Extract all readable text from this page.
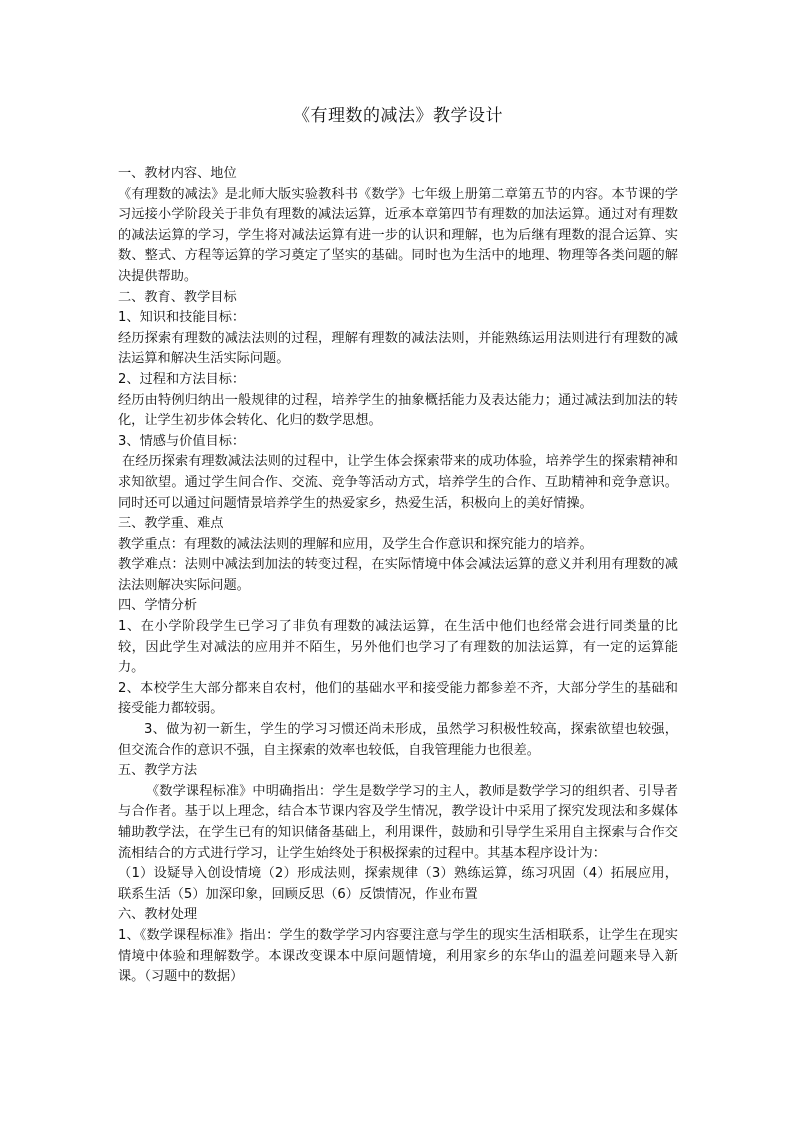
《有理数的减法》教学设计

一、教材内容、地位

《有理数的减法》是北师大版实验教科书《数学》七年级上册第二章第五节的内容。本节课的学习远接小学阶段关于非负有理数的减法运算，近承本章第四节有理数的加法运算。通过对有理数的减法运算的学习，学生将对减法运算有进一步的认识和理解，也为后继有理数的混合运算、实数、整式、方程等运算的学习奠定了坚实的基础。同时也为生活中的地理、物理等各类问题的解决提供帮助。

二、教育、教学目标

1、知识和技能目标：

经历探索有理数的减法法则的过程，理解有理数的减法法则，并能熟练运用法则进行有理数的减法运算和解决生活实际问题。

2、过程和方法目标：

经历由特例归纳出一般规律的过程，培养学生的抽象概括能力及表达能力；通过减法到加法的转化，让学生初步体会转化、化归的数学思想。

3、情感与价值目标：

在经历探索有理数减法法则的过程中，让学生体会探索带来的成功体验，培养学生的探索精神和求知欲望。通过学生间合作、交流、竞争等活动方式，培养学生的合作、互助精神和竞争意识。同时还可以通过问题情景培养学生的热爱家乡，热爱生活，积极向上的美好情操。

三、教学重、难点

教学重点：有理数的减法法则的理解和应用，及学生合作意识和探究能力的培养。

教学难点：法则中减法到加法的转变过程，在实际情境中体会减法运算的意义并利用有理数的减法法则解决实际问题。

四、学情分析

1、在小学阶段学生已学习了非负有理数的减法运算，在生活中他们也经常会进行同类量的比较，因此学生对减法的应用并不陌生，另外他们也学习了有理数的加法运算，有一定的运算能力。

2、本校学生大部分都来自农村，他们的基础水平和接受能力都参差不齐，大部分学生的基础和接受能力都较弱。

3、做为初一新生，学生的学习习惯还尚未形成，虽然学习积极性较高，探索欲望也较强，但交流合作的意识不强，自主探索的效率也较低，自我管理能力也很差。

五、教学方法

《数学课程标准》中明确指出：学生是数学学习的主人，教师是数学学习的组织者、引导者与合作者。基于以上理念，结合本节课内容及学生情况，教学设计中采用了探究发现法和多媒体辅助教学法，在学生已有的知识储备基础上，利用课件，鼓励和引导学生采用自主探索与合作交流相结合的方式进行学习，让学生始终处于积极探索的过程中。其基本程序设计为：

（1）设疑导入创设情境（2）形成法则，探索规律（3）熟练运算，练习巩固（4）拓展应用，联系生活（5）加深印象，回顾反思（6）反馈情况，作业布置

六、教材处理

1、《数学课程标准》指出：学生的数学学习内容要注意与学生的现实生活相联系，让学生在现实情境中体验和理解数学。本课改变课本中原问题情境，利用家乡的东华山的温差问题来导入新课。（习题中的数据）
